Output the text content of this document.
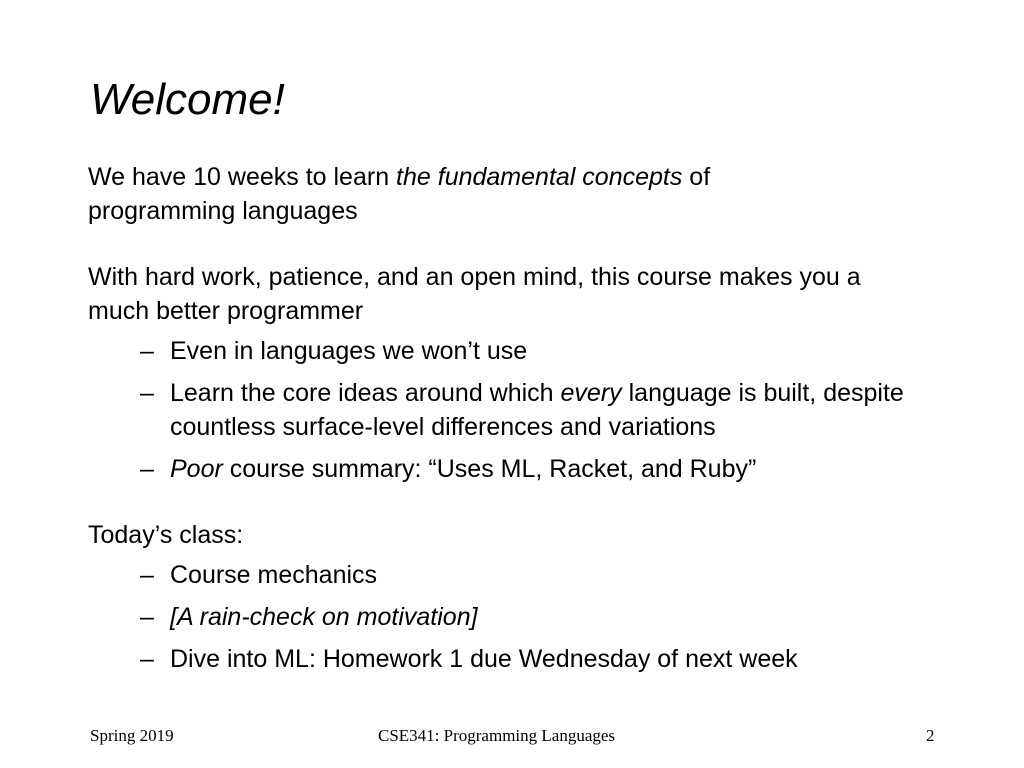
Welcome!

We have 10 weeks to learn the fundamental concepts of programming languages

With hard work, patience, and an open mind, this course makes you a much better programmer

– Even in languages we won’t use
– Learn the core ideas around which every language is built, despite countless surface-level differences and variations
– Poor course summary: “Uses ML, Racket, and Ruby”

Today’s class:

– Course mechanics
– [A rain-check on motivation]
– Dive into ML: Homework 1 due Wednesday of next week
Spring 2019	CSE341: Programming Languages	2
